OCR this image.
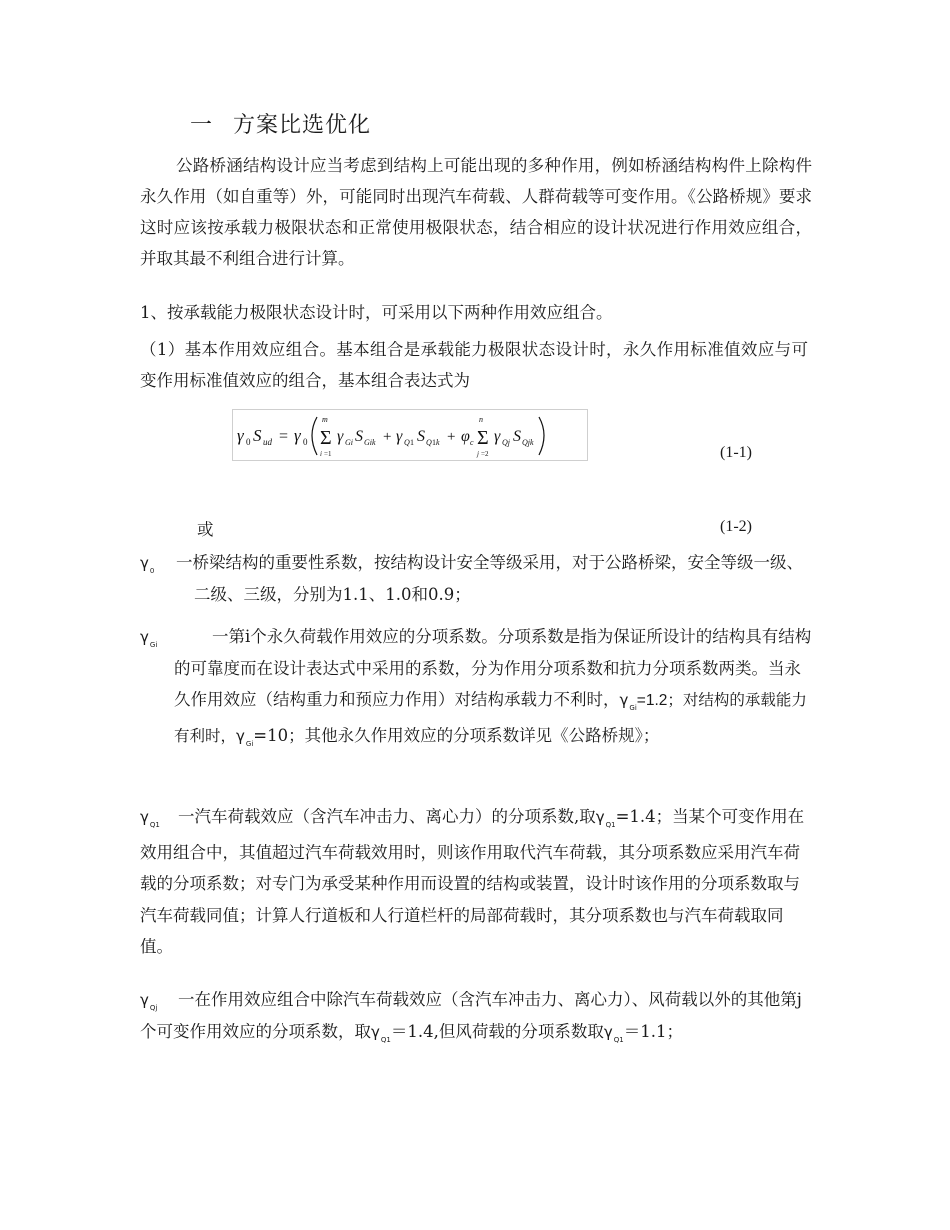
一 方案比选优化
公路桥涵结构设计应当考虑到结构上可能出现的多种作用，例如桥涵结构构件上除构件永久作用（如自重等）外，可能同时出现汽车荷载、人群荷载等可变作用。《公路桥规》要求这时应该按承载力极限状态和正常使用极限状态，结合相应的设计状况进行作用效应组合，并取其最不利组合进行计算。
1、按承载能力极限状态设计时，可采用以下两种作用效应组合。
（1）基本作用效应组合。基本组合是承载能力极限状态设计时，永久作用标准值效应与可变作用标准值效应的组合，基本组合表达式为
γ 0 S ud = γ 0
m
Σ
i =1
γ Gi S Gik + γ Q 1 S Q 1 k + φ c
n
Σ
j =2
γ Qj S Qjk
(1-1)
或	(1-2)
$\gamma_0$ 一桥梁结构的重要性系数，按结构设计安全等级采用，对于公路桥梁，安全等级一级、二级、三级，分别为1.1、1.0和0.9；
$\gamma_{Gi}$	一第i个永久荷载作用效应的分项系数。分项系数是指为保证所设计的结构具有结构的可靠度而在设计表达式中采用的系数，分为作用分项系数和抗力分项系数两类。当永久作用效应（结构重力和预应力作用）对结构承载力不利时，$\gamma_{Gi}=1.2$；对结构的承载能力有利时，$\gamma_{Gi}=10$；其他永久作用效应的分项系数详见《公路桥规》；
$\gamma_{Q1}$	一汽车荷载效应（含汽车冲击力、离心力）的分项系数,取$\gamma_{Q1}=1.4$；当某个可变作用在效用组合中，其值超过汽车荷载效用时，则该作用取代汽车荷载，其分项系数应采用汽车荷载的分项系数；对专门为承受某种作用而设置的结构或装置，设计时该作用的分项系数取与汽车荷载同值；计算人行道板和人行道栏杆的局部荷载时，其分项系数也与汽车荷载取同值。
$\gamma_{Qj}$	一在作用效应组合中除汽车荷载效应（含汽车冲击力、离心力）、风荷载以外的其他第j个可变作用效应的分项系数，取$\gamma_{Q1}=1.4$,但风荷载的分项系数取$\gamma_{Q1}=1.1$；
